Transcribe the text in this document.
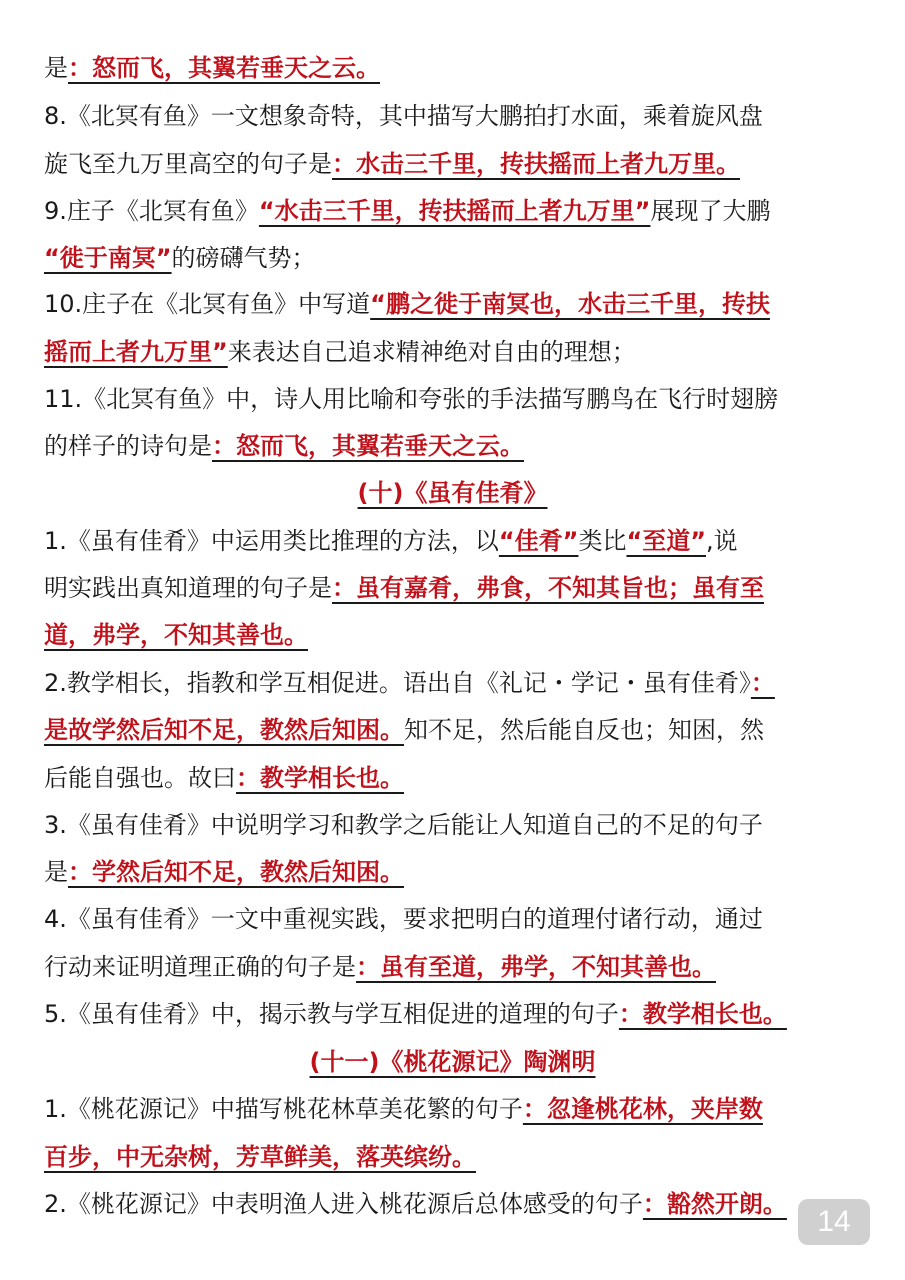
是：怒而飞，其翼若垂天之云。
8.《北冥有鱼》一文想象奇特，其中描写大鹏拍打水面，乘着旋风盘
旋飞至九万里高空的句子是：水击三千里，抟扶摇而上者九万里。
9.庄子《北冥有鱼》“水击三千里，抟扶摇而上者九万里”展现了大鹏
“徙于南冥”的磅礴气势；
10.庄子在《北冥有鱼》中写道“鹏之徙于南冥也，水击三千里，抟扶
摇而上者九万里”来表达自己追求精神绝对自由的理想；
11.《北冥有鱼》中，诗人用比喻和夸张的手法描写鹏鸟在飞行时翅膀
的样子的诗句是：怒而飞，其翼若垂天之云。
(十)《虽有佳肴》
1.《虽有佳肴》中运用类比推理的方法，以“佳肴”类比“至道”,说
明实践出真知道理的句子是：虽有嘉肴，弗食，不知其旨也；虽有至
道，弗学，不知其善也。
2.教学相长，指教和学互相促进。语出自《礼记・学记・虽有佳肴》：
是故学然后知不足，教然后知困。知不足，然后能自反也；知困，然
后能自强也。故曰：教学相长也。
3.《虽有佳肴》中说明学习和教学之后能让人知道自己的不足的句子
是：学然后知不足，教然后知困。
4.《虽有佳肴》一文中重视实践，要求把明白的道理付诸行动，通过
行动来证明道理正确的句子是：虽有至道，弗学，不知其善也。
5.《虽有佳肴》中，揭示教与学互相促进的道理的句子：教学相长也。
(十一)《桃花源记》陶渊明
1.《桃花源记》中描写桃花林草美花繁的句子：忽逢桃花林，夹岸数
百步，中无杂树，芳草鲜美，落英缤纷。
2.《桃花源记》中表明渔人进入桃花源后总体感受的句子：豁然开朗。
14
